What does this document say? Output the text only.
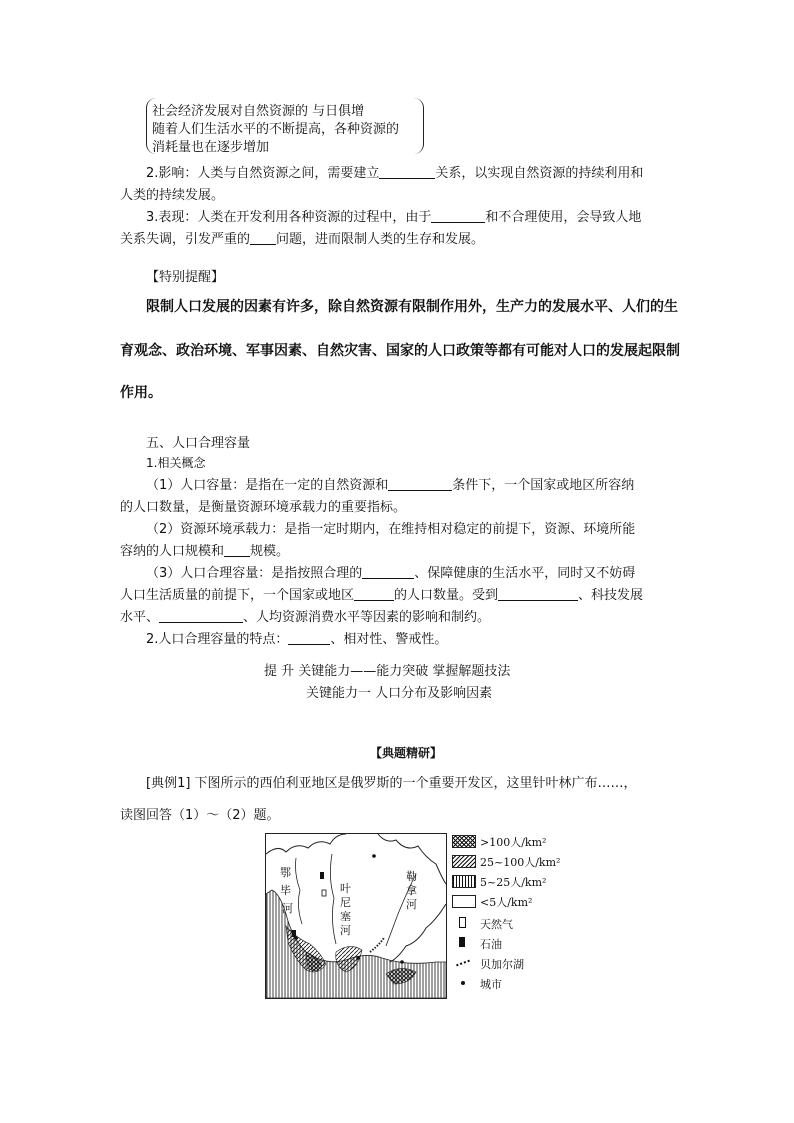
社会经济发展对自然资源的 与日俱增
随着人们生活水平的不断提高，各种资源的
消耗量也在逐步增加
2.影响：人类与自然资源之间，需要建立	关系，以实现自然资源的持续利用和
人类的持续发展。
3.表现：人类在开发利用各种资源的过程中，由于	和不合理使用，会导致人地
关系失调，引发严重的 问题，进而限制人类的生存和发展。
【特别提醒】
限制人口发展的因素有许多，除自然资源有限制作用外，生产力的发展水平、人们的生
育观念、政治环境、军事因素、自然灾害、国家的人口政策等都有可能对人口的发展起限制
作用。
五、人口合理容量
1.相关概念
（1）人口容量：是指在一定的自然资源和	条件下，一个国家或地区所容纳
的人口数量，是衡量资源环境承载力的重要指标。
（2）资源环境承载力：是指一定时期内，在维持相对稳定的前提下，资源、环境所能
容纳的人口规模和 规模。
（3）人口合理容量：是指按照合理的	、保障健康的生活水平，同时又不妨碍
人口生活质量的前提下，一个国家或地区	的人口数量。受到	、科技发展
水平、	、人均资源消费水平等因素的影响和制约。
2.人口合理容量的特点：	、相对性、警戒性。
提 升 关键能力——能力突破 掌握解题技法
关键能力一 人口分布及影响因素
【典题精研】
[典例1] 下图所示的西伯利亚地区是俄罗斯的一个重要开发区，这里针叶林广布……，
读图回答（1）～（2）题。
鄂
毕
河
叶
尼
塞
河
勒
拿
河
>100人/km²
25~100人/km²
5~25人/km²
<5人/km²
天然气
石油
贝加尔湖
城市
